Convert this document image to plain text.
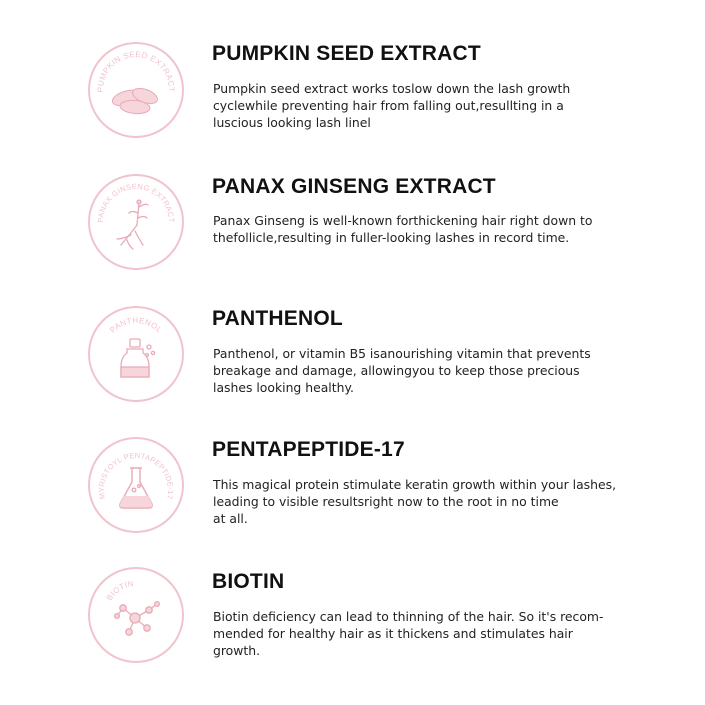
PUMPKIN SEED EXTRACT
PUMPKIN SEED EXTRACT
Pumpkin seed extract works toslow down the lash growth
cyclewhile preventing hair from falling out,resullting in a
luscious looking lash linel
PANAX GINSENG EXTRACT
PANAX GINSENG EXTRACT
Panax Ginseng is well-known forthickening hair right down to
thefollicle,resulting in fuller-looking lashes in record time.
PANTHENOL PANTHENOL
Panthenol, or vitamin B5 isanourishing vitamin that prevents
breakage and damage, allowingyou to keep those precious
lashes looking healthy.
MYRISTOYL PENTAPEPTIDE-17
PENTAPEPTIDE-17
This magical protein stimulate keratin growth within your lashes,
leading to visible resultsright now to the root in no time
at all.
BIOTIN	BIOTIN
Biotin deficiency can lead to thinning of the hair. So it's recom-
mended for healthy hair as it thickens and stimulates hair
growth.
